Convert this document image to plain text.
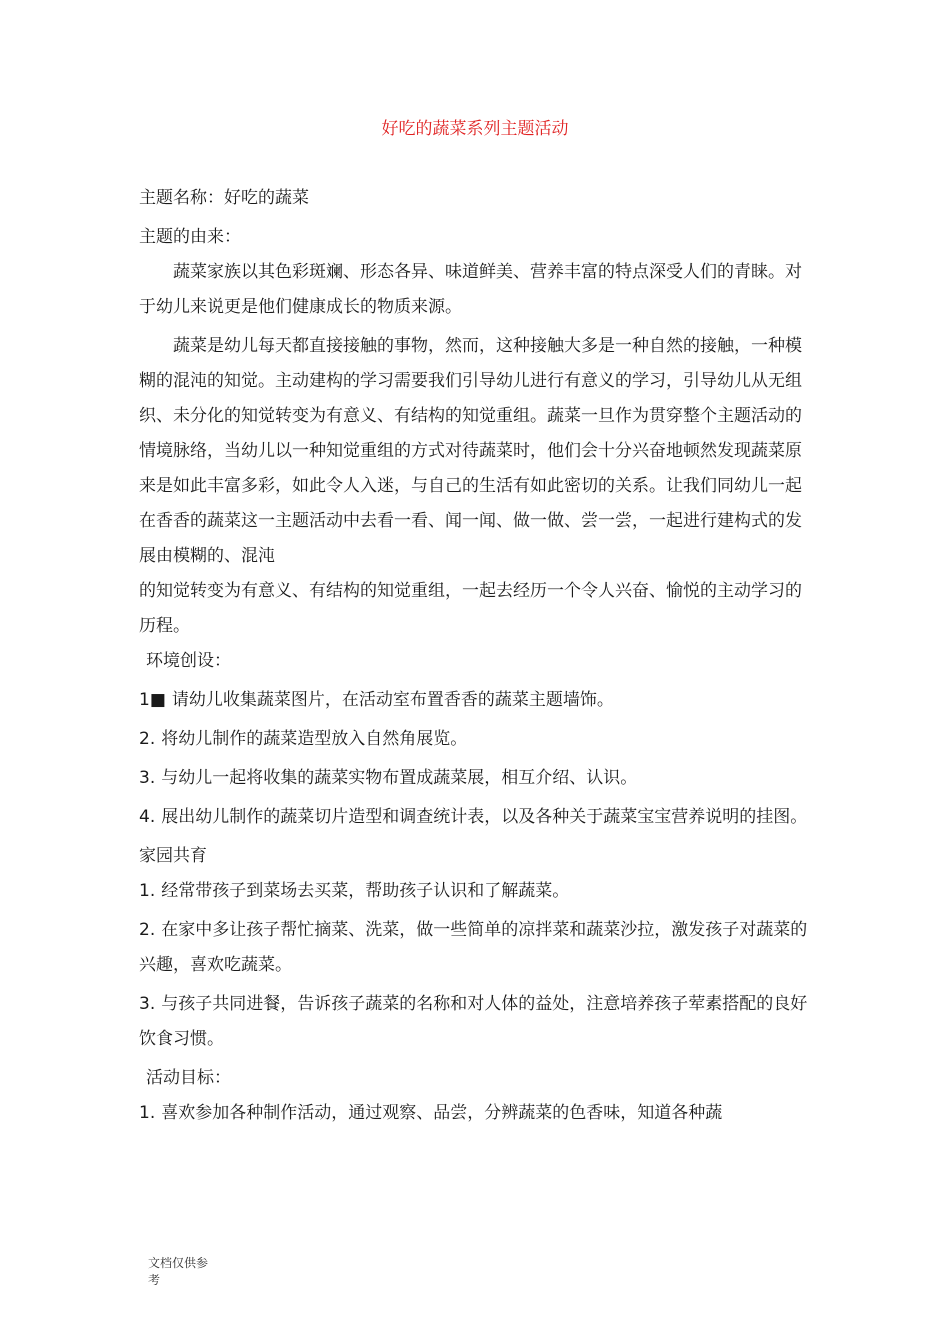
好吃的蔬菜系列主题活动

主题名称：好吃的蔬菜

主题的由来：

蔬菜家族以其色彩斑斓、形态各异、味道鲜美、营养丰富的特点深受人们的青睐。对于幼儿来说更是他们健康成长的物质来源。

蔬菜是幼儿每天都直接接触的事物，然而，这种接触大多是一种自然的接触，一种模糊的混沌的知觉。主动建构的学习需要我们引导幼儿进行有意义的学习，引导幼儿从无组织、未分化的知觉转变为有意义、有结构的知觉重组。蔬菜一旦作为贯穿整个主题活动的情境脉络，当幼儿以一种知觉重组的方式对待蔬菜时，他们会十分兴奋地顿然发现蔬菜原来是如此丰富多彩，如此令人入迷，与自己的生活有如此密切的关系。让我们同幼儿一起在香香的蔬菜这一主题活动中去看一看、闻一闻、做一做、尝一尝，一起进行建构式的发展由模糊的、混沌

的知觉转变为有意义、有结构的知觉重组，一起去经历一个令人兴奋、愉悦的主动学习的历程。

环境创设：

1■ 请幼儿收集蔬菜图片，在活动室布置香香的蔬菜主题墙饰。

2. 将幼儿制作的蔬菜造型放入自然角展览。

3. 与幼儿一起将收集的蔬菜实物布置成蔬菜展，相互介绍、认识。

4. 展出幼儿制作的蔬菜切片造型和调查统计表，以及各种关于蔬菜宝宝营养说明的挂图。

家园共育

1. 经常带孩子到菜场去买菜，帮助孩子认识和了解蔬菜。

2. 在家中多让孩子帮忙摘菜、洗菜，做一些简单的凉拌菜和蔬菜沙拉，激发孩子对蔬菜的兴趣，喜欢吃蔬菜。

3. 与孩子共同进餐，告诉孩子蔬菜的名称和对人体的益处，注意培养孩子荤素搭配的良好饮食习惯。

活动目标：

1. 喜欢参加各种制作活动，通过观察、品尝，分辨蔬菜的色香味，知道各种蔬

文档仅供参
考
